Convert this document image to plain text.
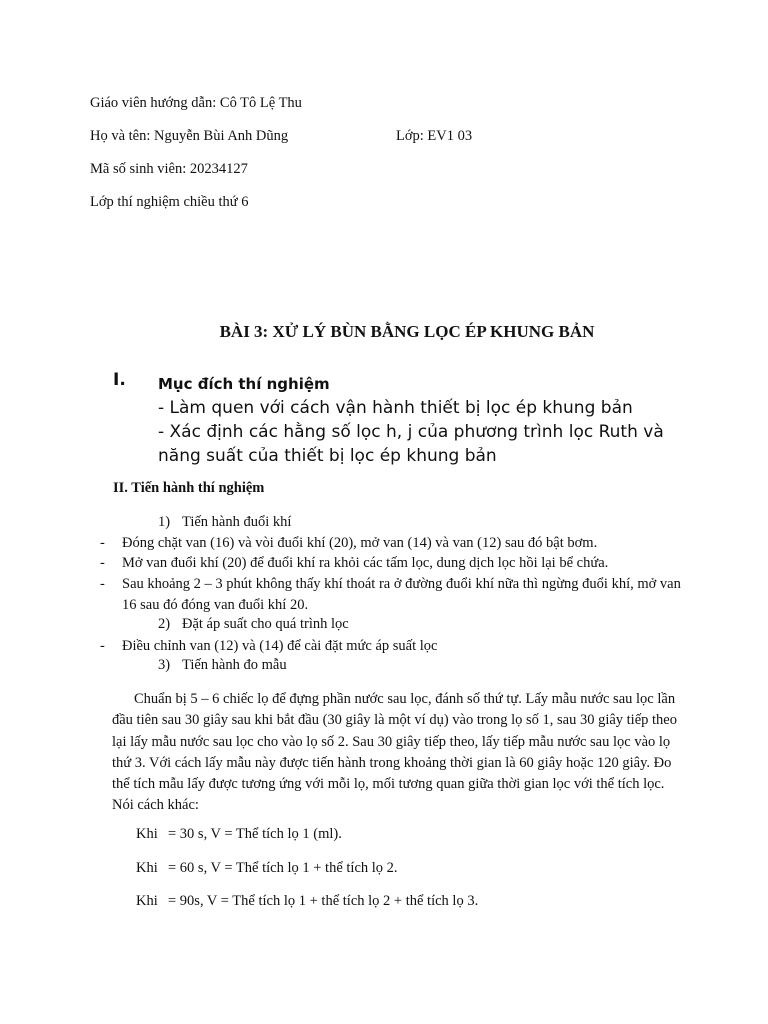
Giáo viên hướng dẫn: Cô Tô Lệ Thu
Họ và tên: Nguyễn Bùi Anh Dũng	Lớp: EV1 03
Mã số sinh viên: 20234127
Lớp thí nghiệm chiều thứ 6
BÀI 3: XỬ LÝ BÙN BẰNG LỌC ÉP KHUNG BẢN
I. Mục đích thí nghiệm
- Làm quen với cách vận hành thiết bị lọc ép khung bản
- Xác định các hằng số lọc h, j của phương trình lọc Ruth và năng suất của thiết bị lọc ép khung bản
II. Tiến hành thí nghiệm
1) Tiến hành đuổi khí
- Đóng chặt van (16) và vòi đuổi khí (20), mở van (14) và van (12) sau đó bật bơm.
- Mở van đuổi khí (20) để đuổi khí ra khỏi các tấm lọc, dung dịch lọc hồi lại bể chứa.
- Sau khoảng 2 – 3 phút không thấy khí thoát ra ở đường đuổi khí nữa thì ngừng đuổi khí, mở van 16 sau đó đóng van đuổi khí 20.
2) Đặt áp suất cho quá trình lọc
- Điều chỉnh van (12) và (14) để cài đặt mức áp suất lọc
3) Tiến hành đo mẫu
Chuẩn bị 5 – 6 chiếc lọ để đựng phần nước sau lọc, đánh số thứ tự. Lấy mẫu nước sau lọc lần đầu tiên sau 30 giây sau khi bắt đầu (30 giây là một ví dụ) vào trong lọ số 1, sau 30 giây tiếp theo lại lấy mẫu nước sau lọc cho vào lọ số 2. Sau 30 giây tiếp theo, lấy tiếp mẫu nước sau lọc vào lọ thứ 3. Với cách lấy mẫu này được tiến hành trong khoảng thời gian là 60 giây hoặc 120 giây. Đo thể tích mẫu lấy được tương ứng với mỗi lọ, mối tương quan giữa thời gian lọc với thể tích lọc. Nói cách khác:
Khi = 30 s, V = Thể tích lọ 1 (ml).
Khi = 60 s, V = Thể tích lọ 1 + thể tích lọ 2.
Khi = 90s, V = Thể tích lọ 1 + thể tích lọ 2 + thể tích lọ 3.
